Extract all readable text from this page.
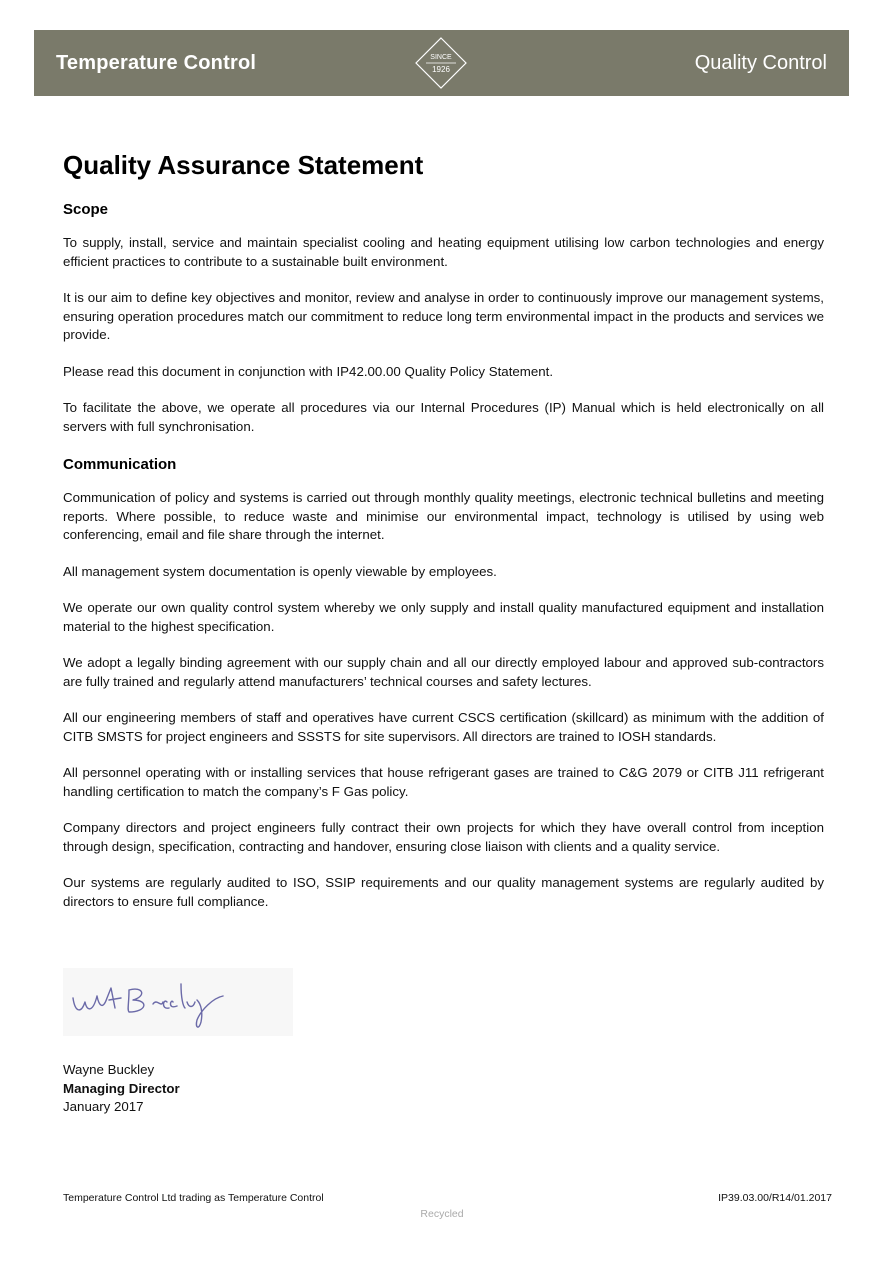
Temperature Control	SINCE
1926	Quality Control
Quality Assurance Statement
Scope

To supply, install, service and maintain specialist cooling and heating equipment utilising low carbon technologies and energy efficient practices to contribute to a sustainable built environment.

It is our aim to define key objectives and monitor, review and analyse in order to continuously improve our management systems, ensuring operation procedures match our commitment to reduce long term environmental impact in the products and services we provide.

Please read this document in conjunction with IP42.00.00 Quality Policy Statement.

To facilitate the above, we operate all procedures via our Internal Procedures (IP) Manual which is held electronically on all servers with full synchronisation.

Communication

Communication of policy and systems is carried out through monthly quality meetings, electronic technical bulletins and meeting reports. Where possible, to reduce waste and minimise our environmental impact, technology is utilised by using web conferencing, email and file share through the internet.

All management system documentation is openly viewable by employees.

We operate our own quality control system whereby we only supply and install quality manufactured equipment and installation material to the highest specification.

We adopt a legally binding agreement with our supply chain and all our directly employed labour and approved sub-contractors are fully trained and regularly attend manufacturers’ technical courses and safety lectures.

All our engineering members of staff and operatives have current CSCS certification (skillcard) as minimum with the addition of CITB SMSTS for project engineers and SSSTS for site supervisors. All directors are trained to IOSH standards.

All personnel operating with or installing services that house refrigerant gases are trained to C&G 2079 or CITB J11 refrigerant handling certification to match the company’s F Gas policy.

Company directors and project engineers fully contract their own projects for which they have overall control from inception through design, specification, contracting and handover, ensuring close liaison with clients and a quality service.

Our systems are regularly audited to ISO, SSIP requirements and our quality management systems are regularly audited by directors to ensure full compliance.

Wayne Buckley
Managing Director
January 2017
Temperature Control Ltd trading as Temperature Control	IP39.03.00/R14/01.2017
Recycled
